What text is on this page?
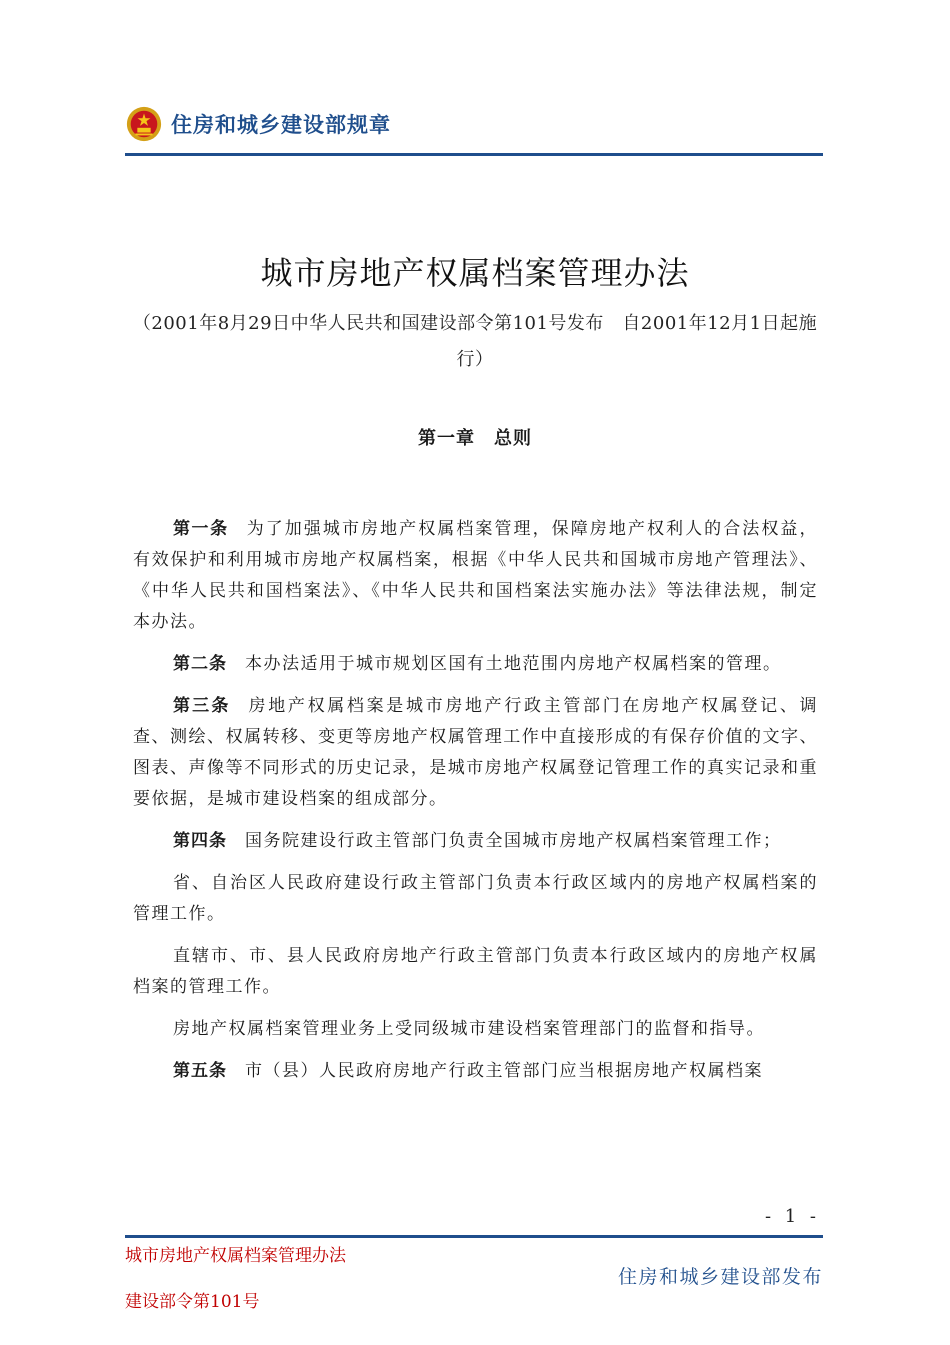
住房和城乡建设部规章
城市房地产权属档案管理办法
（2001年8月29日中华人民共和国建设部令第101号发布　自2001年12月1日起施行）
第一章　总则

第一条 为了加强城市房地产权属档案管理，保障房地产权利人的合法权益，有效保护和利用城市房地产权属档案，根据《中华人民共和国城市房地产管理法》、《中华人民共和国档案法》、《中华人民共和国档案法实施办法》等法律法规，制定本办法。

第二条 本办法适用于城市规划区国有土地范围内房地产权属档案的管理。

第三条 房地产权属档案是城市房地产行政主管部门在房地产权属登记、调查、测绘、权属转移、变更等房地产权属管理工作中直接形成的有保存价值的文字、图表、声像等不同形式的历史记录，是城市房地产权属登记管理工作的真实记录和重要依据，是城市建设档案的组成部分。

第四条 国务院建设行政主管部门负责全国城市房地产权属档案管理工作；

省、自治区人民政府建设行政主管部门负责本行政区域内的房地产权属档案的管理工作。

直辖市、市、县人民政府房地产行政主管部门负责本行政区域内的房地产权属档案的管理工作。

房地产权属档案管理业务上受同级城市建设档案管理部门的监督和指导。

第五条 市（县）人民政府房地产行政主管部门应当根据房地产权属档案

- 1 -
城市房地产权属档案管理办法
建设部令第101号
住房和城乡建设部发布
